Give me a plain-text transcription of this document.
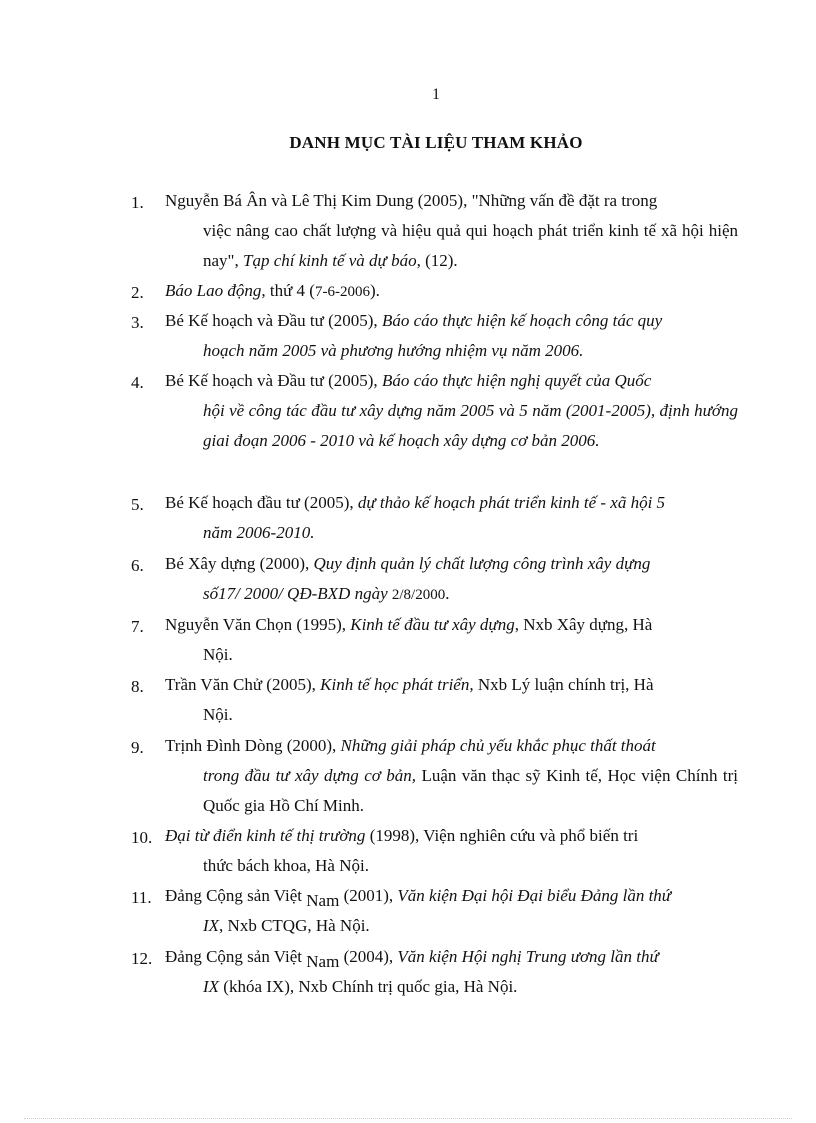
1
DANH MỤC TÀI LIỆU THAM KHẢO
1. Nguyễn Bá Ân và Lê Thị Kim Dung (2005), "Những vấn đề đặt ra trong
việc nâng cao chất lượng và hiệu quả qui hoạch phát triển kinh tế xã hội hiện nay", Tạp chí kinh tế và dự báo, (12).
2. Báo Lao động, thứ 4 (7-6-2006).
3. Bé Kế hoạch và Đầu tư (2005), Báo cáo thực hiện kế hoạch công tác quy
hoạch năm 2005 và phương hướng nhiệm vụ năm 2006.
4. Bé Kế hoạch và Đầu tư (2005), Báo cáo thực hiện nghị quyết của Quốc
hội về công tác đầu tư xây dựng năm 2005 và 5 năm (2001-2005), định hướng giai đoạn 2006 - 2010 và kế hoạch xây dựng cơ bản 2006.
5. Bé Kế hoạch đầu tư (2005), dự thảo kế hoạch phát triển kinh tế - xã hội 5
năm 2006-2010.
6. Bé Xây dựng (2000), Quy định quản lý chất lượng công trình xây dựng
số17/ 2000/ QĐ-BXD ngày 2/8/2000.
7. Nguyễn Văn Chọn (1995), Kinh tế đầu tư xây dựng, Nxb Xây dựng, Hà
Nội.
8. Trần Văn Chử (2005), Kinh tế học phát triển, Nxb Lý luận chính trị, Hà
Nội.
9. Trịnh Đình Dòng (2000), Những giải pháp chủ yếu khắc phục thất thoát
trong đầu tư xây dựng cơ bản, Luận văn thạc sỹ Kinh tế, Học viện Chính trị Quốc gia Hồ Chí Minh.
10. Đại từ điển kinh tế thị trường (1998), Viện nghiên cứu và phổ biến tri
thức bách khoa, Hà Nội.
11. Đảng Cộng sản Việt Nam (2001), Văn kiện Đại hội Đại biểu Đảng lần thứ
IX, Nxb CTQG, Hà Nội.
12. Đảng Cộng sản Việt Nam (2004), Văn kiện Hội nghị Trung ương lần thứ
IX (khóa IX), Nxb Chính trị quốc gia, Hà Nội.
